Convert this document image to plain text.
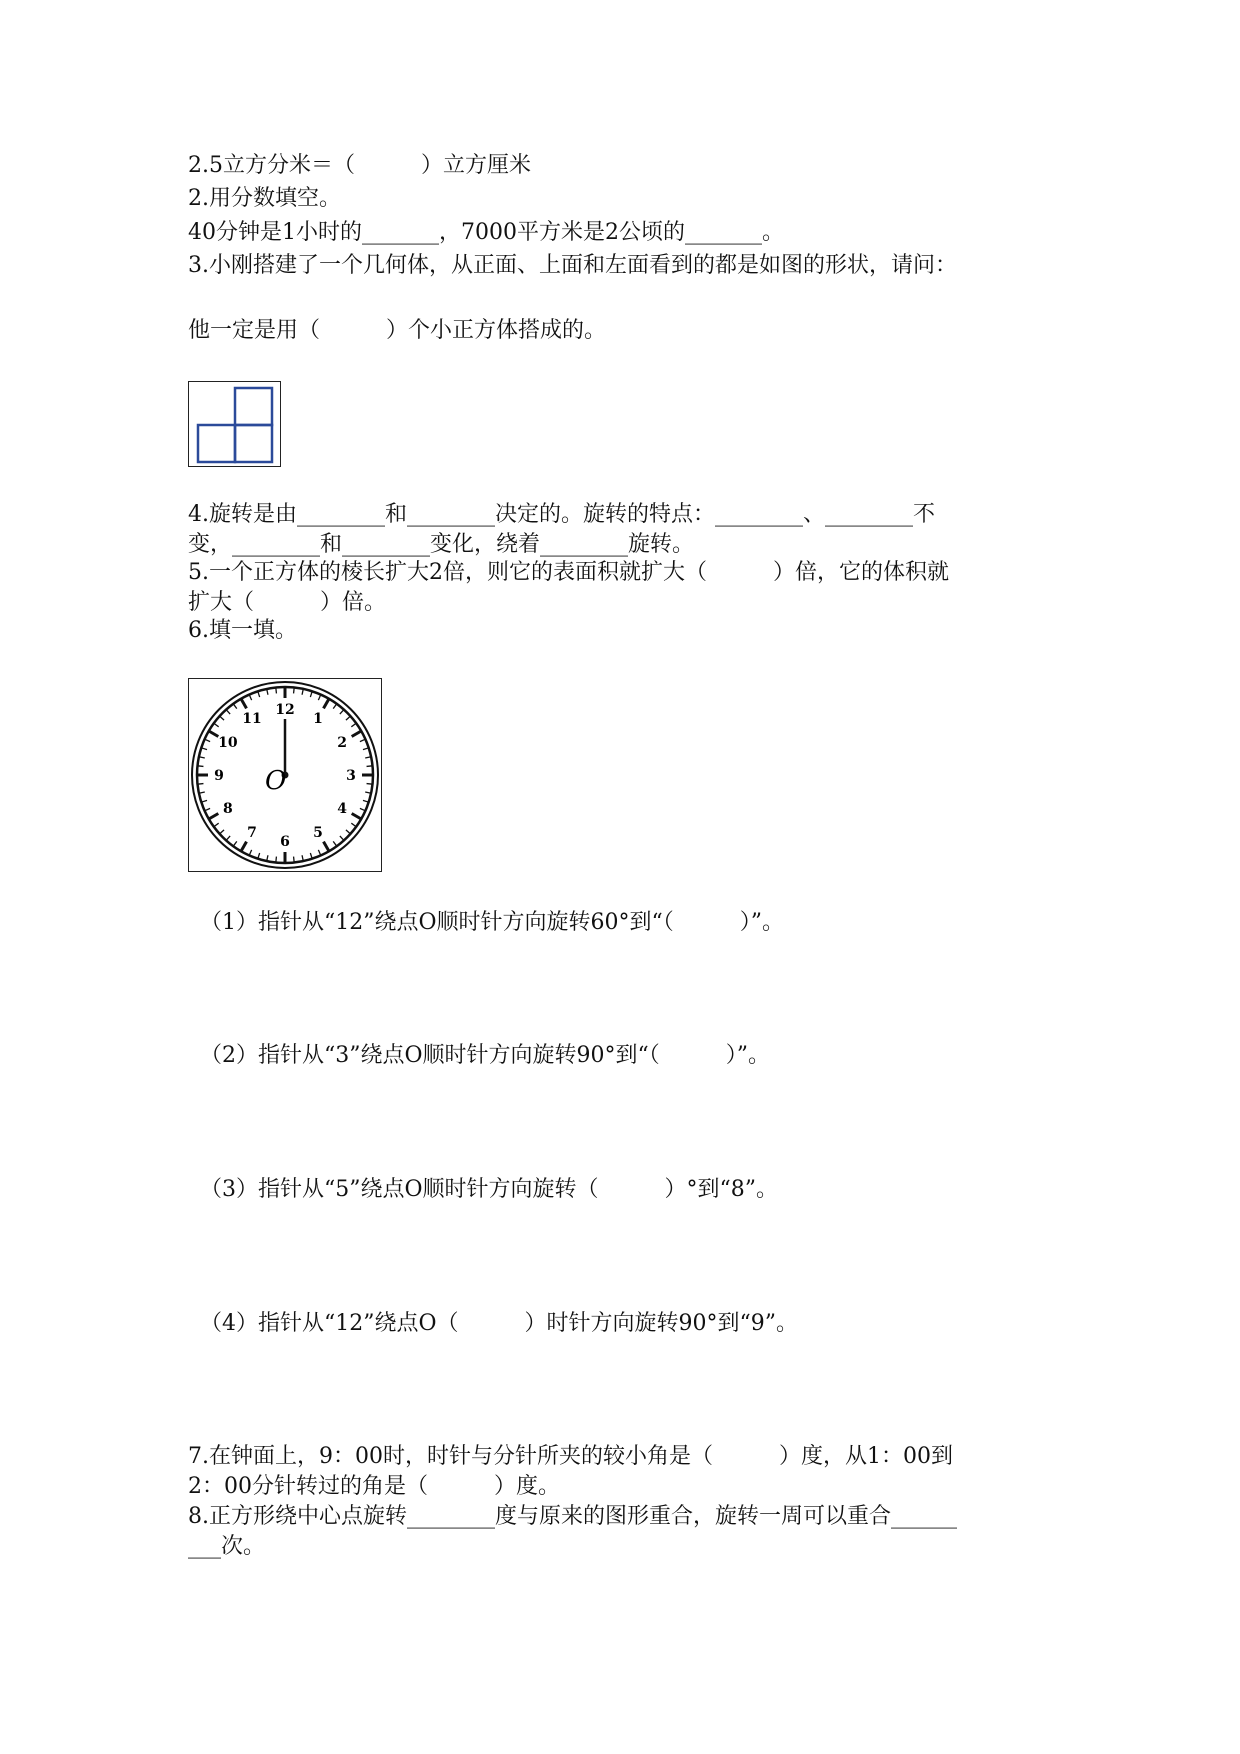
2.5立方分米＝（　　　）立方厘米
2.用分数填空。
40分钟是1小时的_______，7000平方米是2公顷的_______。
3.小刚搭建了一个几何体，从正面、上面和左面看到的都是如图的形状，请问：
他一定是用（　　　）个小正方体搭成的。
4.旋转是由________和________决定的。旋转的特点：________、________不
变，________和________变化，绕着________旋转。
5.一个正方体的棱长扩大2倍，则它的表面积就扩大（　　　）倍，它的体积就
扩大（　　　）倍。
6.填一填。
12
1
2
3
4
5
6
7
8
9
10
11
O
（1）指针从“12”绕点O顺时针方向旋转60°到“（　　　）”。
（2）指针从“3”绕点O顺时针方向旋转90°到“（　　　）”。
（3）指针从“5”绕点O顺时针方向旋转（　　　）°到“8”。
（4）指针从“12”绕点O（　　　）时针方向旋转90°到“9”。
7.在钟面上，9：00时，时针与分针所夹的较小角是（　　　）度，从1：00到
2：00分针转过的角是（　　　）度。
8.正方形绕中心点旋转________度与原来的图形重合，旋转一周可以重合______
___次。
